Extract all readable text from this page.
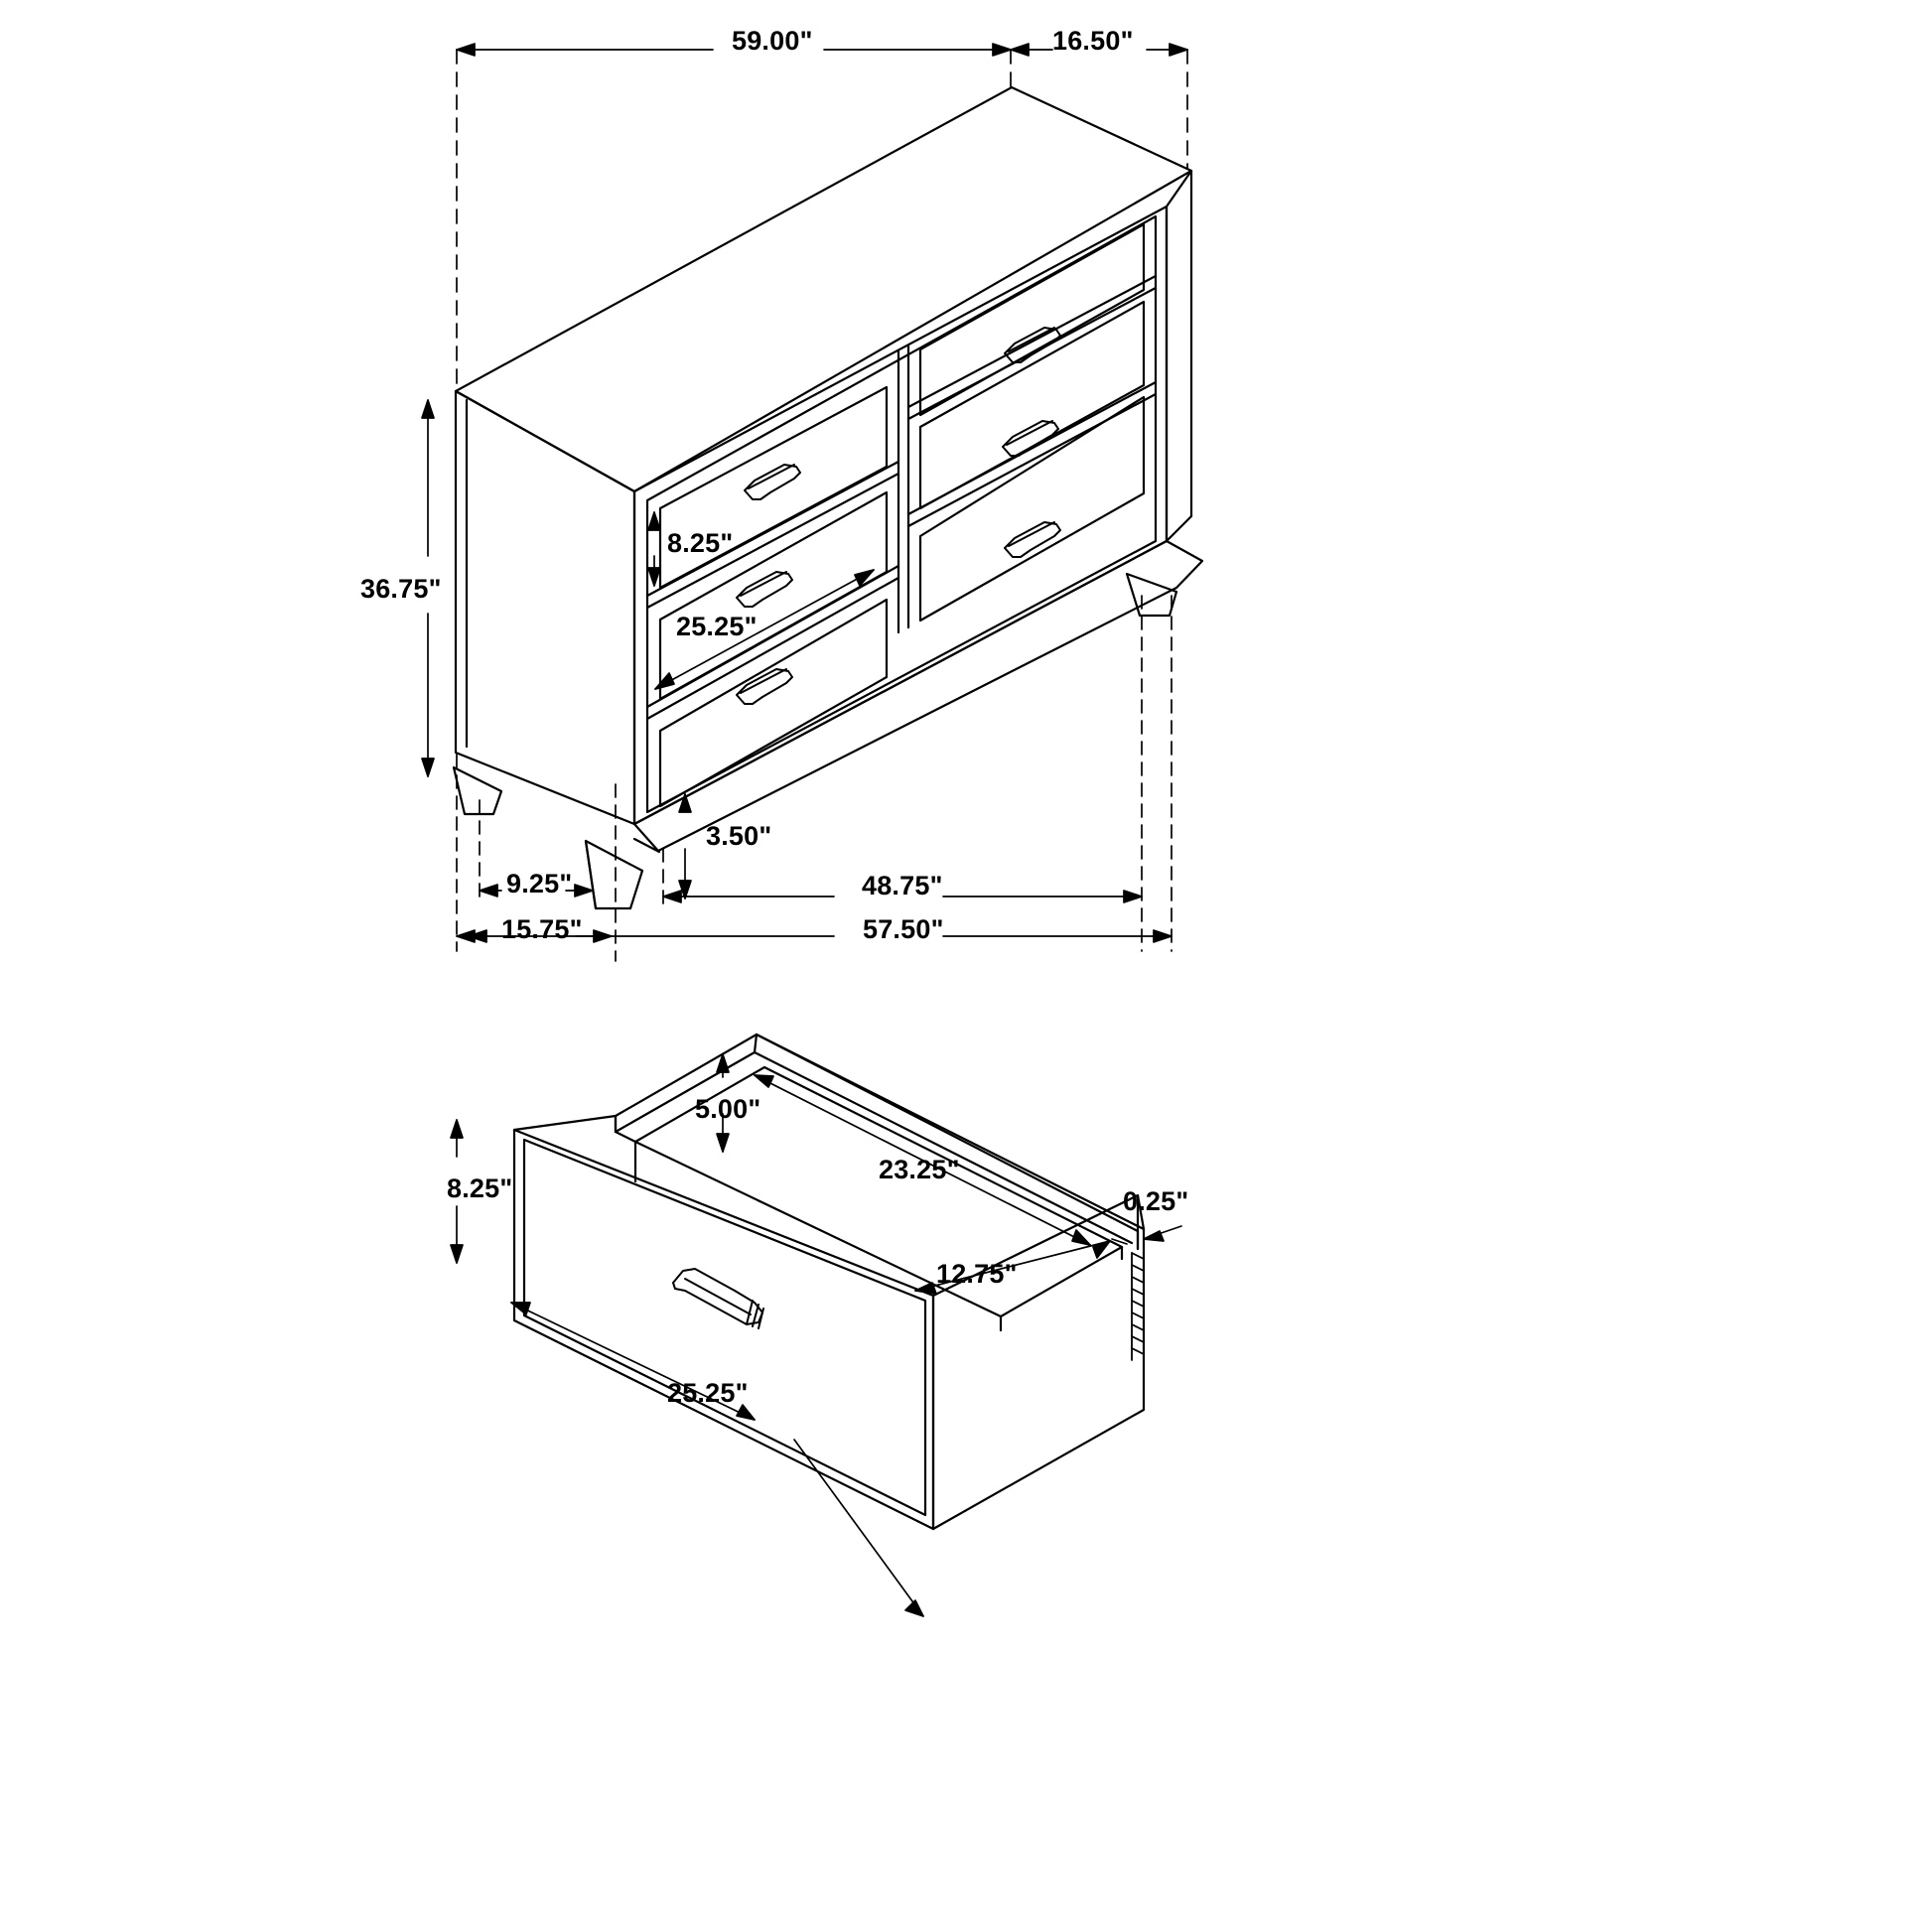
59.00"	16.50"
36.75"
8.25"
25.25"
3.50"
9.25"
15.75"
48.75"
57.50"
5.00"
8.25"
23.25"
0.25"
12.75"
25.25"
